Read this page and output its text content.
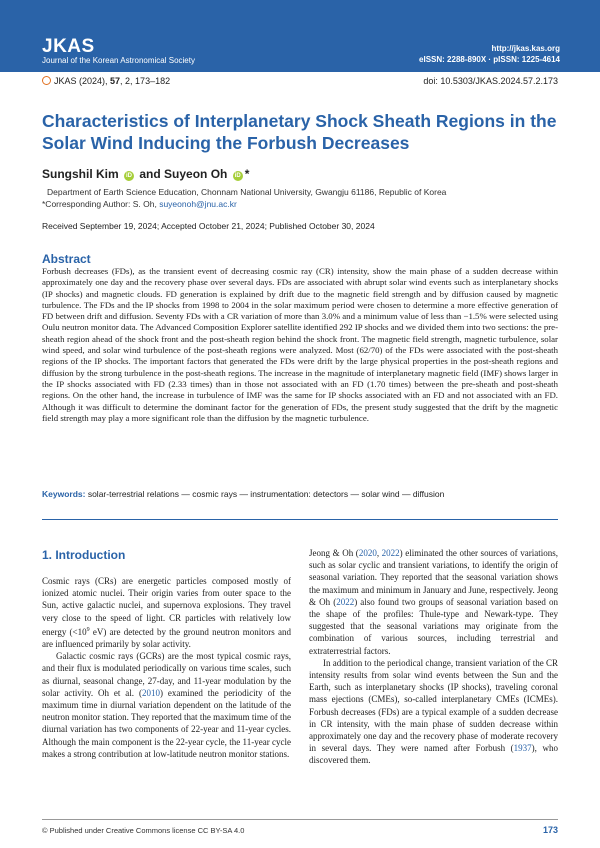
JKAS
Journal of the Korean Astronomical Society
http://jkas.kas.org
eISSN: 2288-890X · pISSN: 1225-4614
JKAS (2024), 57, 2, 173–182	doi: 10.5303/JKAS.2024.57.2.173
Characteristics of Interplanetary Shock Sheath Regions in the Solar Wind Inducing the Forbush Decreases
Sungshil Kim iD and Suyeon Oh iD *
Department of Earth Science Education, Chonnam National University, Gwangju 61186, Republic of Korea
*Corresponding Author: S. Oh, suyeonoh@jnu.ac.kr
Received September 19, 2024; Accepted October 21, 2024; Published October 30, 2024
Abstract
Forbush decreases (FDs), as the transient event of decreasing cosmic ray (CR) intensity, show the main phase of a sudden decrease within approximately one day and the recovery phase over several days. FDs are associated with abrupt solar wind events such as interplanetary shocks (IP shocks) and magnetic clouds. FD generation is explained by drift due to the magnetic field strength and by diffusion caused by magnetic turbulence. The FDs and the IP shocks from 1998 to 2004 in the solar maximum period were chosen to determine a more effective generation of FD between drift and diffusion. Seventy FDs with a CR variation of more than 3.0% and a minimum value of less than −1.5% were selected using Oulu neutron monitor data. The Advanced Composition Explorer satellite identified 292 IP shocks and we divided them into two sections: the pre-sheath region ahead of the shock front and the post-sheath region behind the shock front. The magnetic field strength, magnetic turbulence, solar wind speed, and solar wind turbulence of the post-sheath regions were analyzed. Most (62/70) of the FDs were associated with the post-sheath regions of the IP shocks. The important factors that generated the FDs were drift by the large physical properties in the post-sheath regions and diffusion by the strong turbulence in the post-sheath regions. The increase in the magnitude of interplanetary magnetic field (IMF) shows larger in the IP shocks associated with FD (2.33 times) than in those not associated with an FD (1.70 times) between the pre-sheath and post-sheath regions. On the other hand, the increase in turbulence of IMF was the same for IP shocks associated with an FD and not associated with an FD. Although it was difficult to determine the dominant factor for the generation of FDs, the present study suggested that the drift by the magnetic field strength may play a more significant role than the diffusion by the magnetic turbulence.
Keywords: solar-terrestrial relations — cosmic rays — instrumentation: detectors — solar wind — diffusion
1. Introduction

Cosmic rays (CRs) are energetic particles composed mostly of ionized atomic nuclei. Their origin varies from outer space to the Sun, active galactic nuclei, and supernova explosions. They travel very close to the speed of light. CR particles with relatively low energy ($<10^9$ eV) are detected by the ground neutron monitors and are influenced primarily by solar activity.

Galactic cosmic rays (GCRs) are the most typical cosmic rays, and their flux is modulated periodically on various time scales, such as diurnal, seasonal change, 27-day, and 11-year modulation by the solar activity. Oh et al. (2010) examined the periodicity of the maximum time in diurnal variation dependent on the latitude of the neutron monitor station. They reported that the maximum time of the diurnal variation has two components of 22-year and 11-year cycles. Although the main component is the 22-year cycle, the 11-year cycle makes a strong contribution at low-latitude neutron monitor stations.

Jeong & Oh (2020, 2022) eliminated the other sources of variations, such as solar cyclic and transient variations, to identify the origin of seasonal variation. They reported that the seasonal variation shows the maximum and minimum in January and June, respectively. Jeong & Oh (2022) also found two groups of seasonal variation based on the shape of the profiles: Thule-type and Newark-type. They suggested that the seasonal variations may originate from the combination of various sources, including terrestrial and extraterrestrial factors.

In addition to the periodical change, transient variation of the CR intensity results from solar wind events between the Sun and the Earth, such as interplanetary shocks (IP shocks), traveling coronal mass ejections (CMEs), so-called interplanetary CMEs (ICMEs). Forbush decreases (FDs) are a typical example of a sudden decrease in CR intensity, with the main phase of sudden decrease within approximately one day and the recovery phase of moderate recovery in several days. They were named after Forbush (1937), who discovered them.

© Published under Creative Commons license CC BY-SA 4.0	173
